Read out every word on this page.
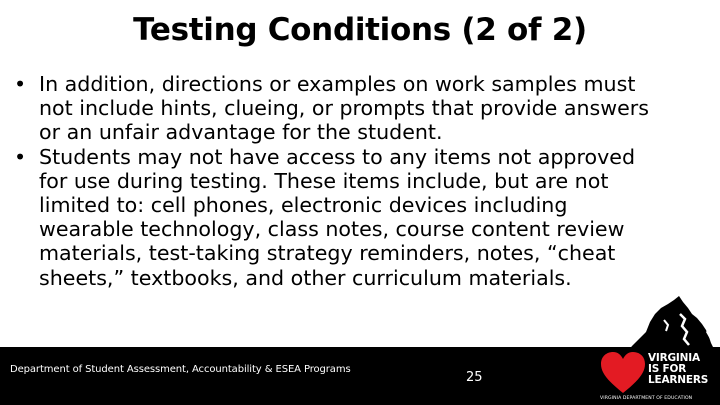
Testing Conditions (2 of 2)
• In addition, directions or examples on work samples must
not include hints, clueing, or prompts that provide answers
or an unfair advantage for the student.
• Students may not have access to any items not approved
for use during testing. These items include, but are not
limited to: cell phones, electronic devices including
wearable technology, class notes, course content review
materials, test-taking strategy reminders, notes, “cheat
sheets,” textbooks, and other curriculum materials.
Department of Student Assessment, Accountability & ESEA Programs
25
VIRGINIA
IS FOR
LEARNERS
VIRGINIA DEPARTMENT OF EDUCATION
